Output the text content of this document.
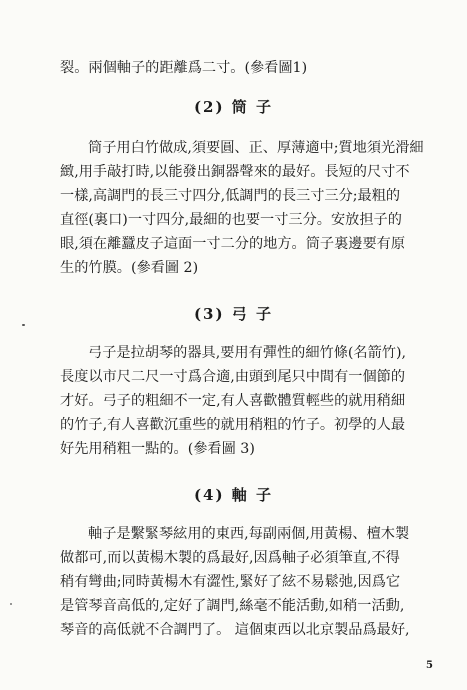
裂。兩個軸子的距離爲二寸。(參看圖1)
(2) 筒 子
筒子用白竹做成,須要圓、正、厚薄適中;質地須光滑細
緻,用手敲打時,以能發出銅器聲來的最好。長短的尺寸不
一樣,高調門的長三寸四分,低調門的長三寸三分;最粗的
直徑(裏口)一寸四分,最細的也要一寸三分。安放担子的
眼,須在離蠶皮子這面一寸二分的地方。筒子裏邊要有原
生的竹膜。(參看圖 2)
(3) 弓 子
弓子是拉胡琴的器具,要用有彈性的細竹條(名箭竹),
長度以市尺二尺一寸爲合適,由頭到尾只中間有一個節的
才好。弓子的粗細不一定,有人喜歡體質輕些的就用稍細
的竹子,有人喜歡沉重些的就用稍粗的竹子。初學的人最
好先用稍粗一點的。(參看圖 3)
(4) 軸 子
軸子是繫緊琴絃用的東西,每副兩個,用黃楊、檀木製
做都可,而以黃楊木製的爲最好,因爲軸子必須筆直,不得
稍有彎曲;同時黃楊木有澀性,緊好了絃不易鬆弛,因爲它
是管琴音高低的,定好了調門,絲毫不能活動,如稍一活動,
琴音的高低就不合調門了。 這個東西以北京製品爲最好,
5
